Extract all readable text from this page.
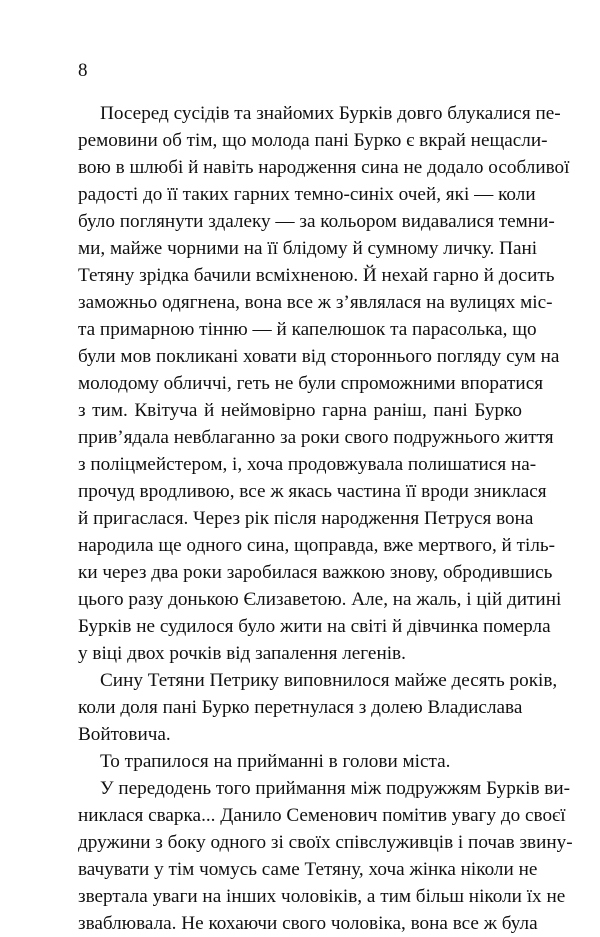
8
Посеред сусідів та знайомих Бурків довго блукалися пе-
ремовини об тім, що молода пані Бурко є вкрай нещасли-
вою в шлюбі й навіть народження сина не додало особливої
радості до її таких гарних темно-синіх очей, які — коли
було поглянути здалеку — за кольором видавалися темни-
ми, майже чорними на її блідому й сумному личку. Пані
Тетяну зрідка бачили всміхненою. Й нехай гарно й досить
заможньо одягнена, вона все ж з’являлася на вулицях міс-
та примарною тінню — й капелюшок та парасолька, що
були мов покликані ховати від стороннього погляду сум на
молодому обличчі, геть не були спроможними впоратися
з тим. Квітуча й неймовірно гарна раніш, пані Бурко
прив’ядала невблаганно за роки свого подружнього життя
з поліцмейстером, і, хоча продовжувала полишатися на-
прочуд вродливою, все ж якась частина її вроди зниклася
й пригаслася. Через рік після народження Петруся вона
народила ще одного сина, щоправда, вже мертвого, й тіль-
ки через два роки заробилася важкою знову, обродившись
цього разу донькою Єлизаветою. Але, на жаль, і цій дитині
Бурків не судилося було жити на світі й дівчинка померла
у віці двох рочків від запалення легенів.
Сину Тетяни Петрику виповнилося майже десять років,
коли доля пані Бурко перетнулася з долею Владислава
Войтовича.
То трапилося на прийманні в голови міста.
У передодень того приймання між подружжям Бурків ви-
никлася сварка... Данило Семенович помітив увагу до своєї
дружини з боку одного зі своїх співслуживців і почав звину-
вачувати у тім чомусь саме Тетяну, хоча жінка ніколи не
звертала уваги на інших чоловіків, а тим більш ніколи їх не
зваблювала. Не кохаючи свого чоловіка, вона все ж була
